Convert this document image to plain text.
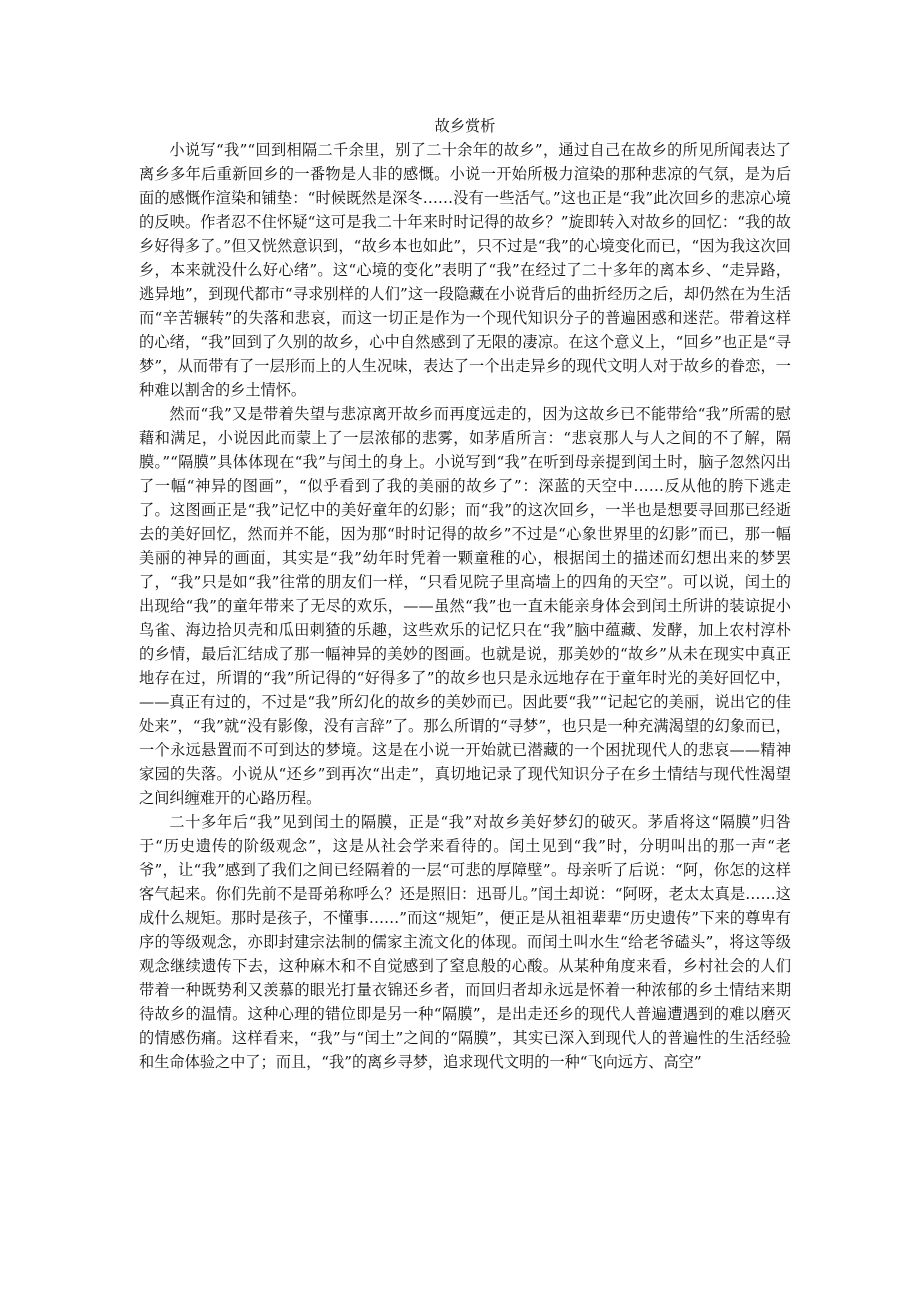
故乡赏析

小说写“我”“回到相隔二千余里，别了二十余年的故乡”，通过自己在故乡的所见所闻表达了离乡多年后重新回乡的一番物是人非的感慨。小说一开始所极力渲染的那种悲凉的气氛，是为后面的感慨作渲染和铺垫：“时候既然是深冬……没有一些活气。”这也正是“我”此次回乡的悲凉心境的反映。作者忍不住怀疑“这可是我二十年来时时记得的故乡？”旋即转入对故乡的回忆：“我的故乡好得多了。”但又恍然意识到，“故乡本也如此”，只不过是“我”的心境变化而已，“因为我这次回乡，本来就没什么好心绪”。这“心境的变化”表明了“我”在经过了二十多年的离本乡、“走异路，逃异地”，到现代都市“寻求别样的人们”这一段隐藏在小说背后的曲折经历之后，却仍然在为生活而“辛苦辗转”的失落和悲哀，而这一切正是作为一个现代知识分子的普遍困惑和迷茫。带着这样的心绪，“我”回到了久别的故乡，心中自然感到了无限的凄凉。在这个意义上，“回乡”也正是“寻梦”，从而带有了一层形而上的人生况味，表达了一个出走异乡的现代文明人对于故乡的眷恋，一种难以割舍的乡土情怀。

然而“我”又是带着失望与悲凉离开故乡而再度远走的，因为这故乡已不能带给“我”所需的慰藉和满足，小说因此而蒙上了一层浓郁的悲雾，如茅盾所言：“悲哀那人与人之间的不了解，隔膜。”“隔膜”具体体现在“我”与闰土的身上。小说写到“我”在听到母亲提到闰土时，脑子忽然闪出了一幅“神异的图画”，“似乎看到了我的美丽的故乡了”：深蓝的天空中……反从他的胯下逃走了。这图画正是“我”记忆中的美好童年的幻影；而“我”的这次回乡，一半也是想要寻回那已经逝去的美好回忆，然而并不能，因为那“时时记得的故乡”不过是“心象世界里的幻影”而已，那一幅美丽的神异的画面，其实是“我”幼年时凭着一颗童稚的心，根据闰土的描述而幻想出来的梦罢了，“我”只是如“我”往常的朋友们一样，“只看见院子里高墙上的四角的天空”。可以说，闰土的出现给“我”的童年带来了无尽的欢乐，——虽然“我”也一直未能亲身体会到闰土所讲的装谅捉小鸟雀、海边拾贝壳和瓜田刺猹的乐趣，这些欢乐的记忆只在“我”脑中蕴藏、发酵，加上农村淳朴的乡情，最后汇结成了那一幅神异的美妙的图画。也就是说，那美妙的“故乡”从未在现实中真正地存在过，所谓的“我”所记得的“好得多了”的故乡也只是永远地存在于童年时光的美好回忆中，——真正有过的，不过是“我”所幻化的故乡的美妙而已。因此要“我”“记起它的美丽，说出它的佳处来”，“我”就“没有影像，没有言辞”了。那么所谓的“寻梦”，也只是一种充满渴望的幻象而已，一个永远悬置而不可到达的梦境。这是在小说一开始就已潜藏的一个困扰现代人的悲哀——精神家园的失落。小说从“还乡”到再次“出走”，真切地记录了现代知识分子在乡土情结与现代性渴望之间纠缠难开的心路历程。

二十多年后“我”见到闰土的隔膜，正是“我”对故乡美好梦幻的破灭。茅盾将这“隔膜”归咎于“历史遗传的阶级观念”，这是从社会学来看待的。闰土见到“我”时，分明叫出的那一声“老爷”，让“我”感到了我们之间已经隔着的一层“可悲的厚障壁”。母亲听了后说：“阿，你怎的这样客气起来。你们先前不是哥弟称呼么？还是照旧：迅哥儿。”闰土却说：“阿呀，老太太真是……这成什么规矩。那时是孩子，不懂事……”而这“规矩”，便正是从祖祖辈辈“历史遗传”下来的尊卑有序的等级观念，亦即封建宗法制的儒家主流文化的体现。而闰土叫水生“给老爷磕头”，将这等级观念继续遗传下去，这种麻木和不自觉感到了窒息般的心酸。从某种角度来看，乡村社会的人们带着一种既势利又羡慕的眼光打量衣锦还乡者，而回归者却永远是怀着一种浓郁的乡土情结来期待故乡的温情。这种心理的错位即是另一种“隔膜”，是出走还乡的现代人普遍遭遇到的难以磨灭的情感伤痛。这样看来，“我”与“闰土”之间的“隔膜”，其实已深入到现代人的普遍性的生活经验和生命体验之中了；而且，“我”的离乡寻梦，追求现代文明的一种“飞向远方、高空”
